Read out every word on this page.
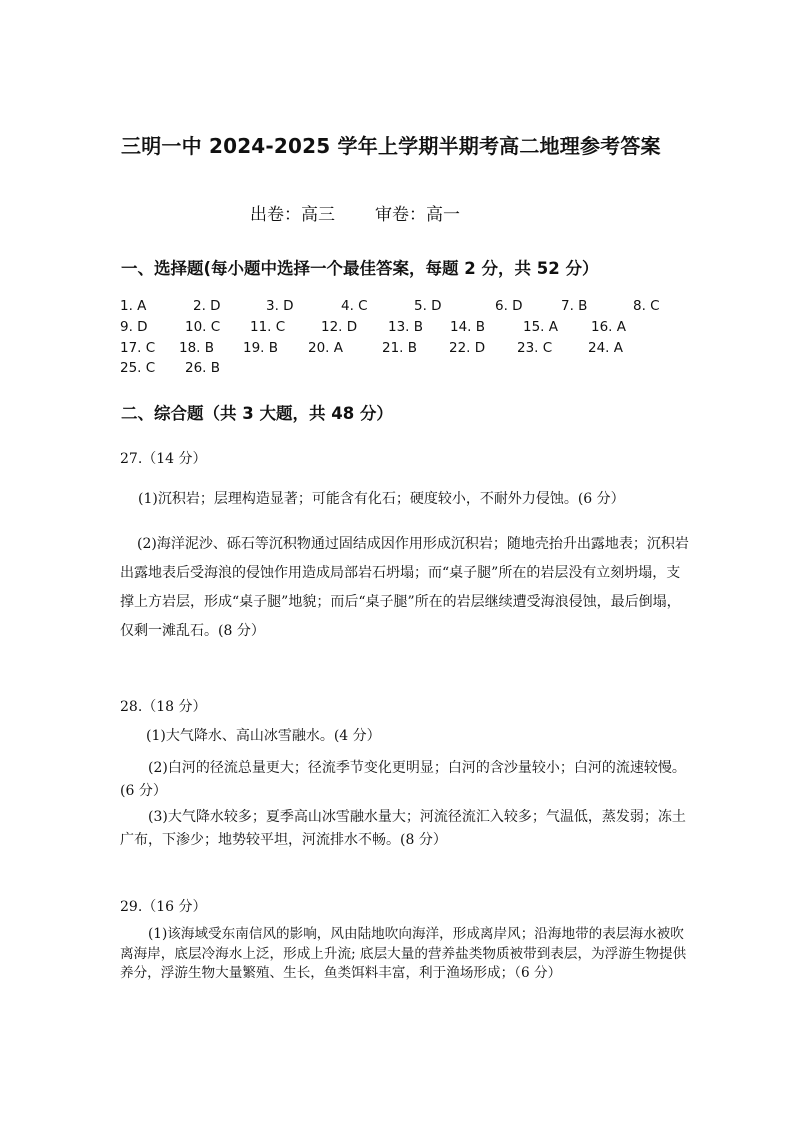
三明一中 2024-2025 学年上学期半期考高二地理参考答案
出卷：高三 审卷：高一
一、选择题(每小题中选择一个最佳答案，每题 2 分，共 52 分）
1. A	2. D	3. D	4. C	5. D	6. D	7. B	8. C
9. D	10. C	11. C	12. D	13. B	14. B	15. A	16. A
17. C	18. B	19. B	20. A	21. B	22. D	23. C	24. A
25. C	26. B
二、综合题（共 3 大题，共 48 分）
27.（14 分）
(1)沉积岩；层理构造显著；可能含有化石；硬度较小，不耐外力侵蚀。(6 分）
(2)海洋泥沙、砾石等沉积物通过固结成因作用形成沉积岩；随地壳抬升出露地表；沉积岩出露地表后受海浪的侵蚀作用造成局部岩石坍塌；而“桌子腿”所在的岩层没有立刻坍塌，支撑上方岩层，形成“桌子腿”地貌；而后“桌子腿”所在的岩层继续遭受海浪侵蚀，最后倒塌，仅剩一滩乱石。(8 分）
28.（18 分）
(1)大气降水、高山冰雪融水。(4 分）
(2)白河的径流总量更大；径流季节变化更明显；白河的含沙量较小；白河的流速较慢。(6 分）
(3)大气降水较多；夏季高山冰雪融水量大；河流径流汇入较多；气温低，蒸发弱；冻土广布，下渗少；地势较平坦，河流排水不畅。(8 分）
29.（16 分）
(1)该海域受东南信风的影响，风由陆地吹向海洋，形成离岸风；沿海地带的表层海水被吹离海岸，底层冷海水上泛，形成上升流; 底层大量的营养盐类物质被带到表层，为浮游生物提供养分，浮游生物大量繁殖、生长，鱼类饵料丰富，利于渔场形成；（6 分）
